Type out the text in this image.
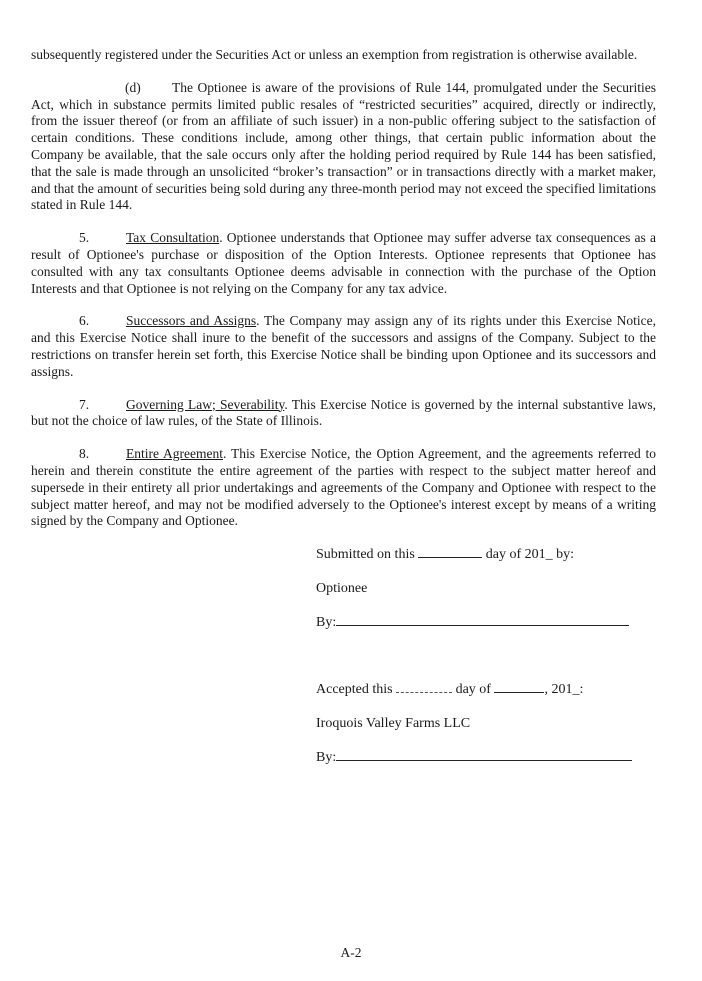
subsequently registered under the Securities Act or unless an exemption from registration is otherwise available.

(d) The Optionee is aware of the provisions of Rule 144, promulgated under the Securities Act, which in substance permits limited public resales of “restricted securities” acquired, directly or indirectly, from the issuer thereof (or from an affiliate of such issuer) in a non-public offering subject to the satisfaction of certain conditions. These conditions include, among other things, that certain public information about the Company be available, that the sale occurs only after the holding period required by Rule 144 has been satisfied, that the sale is made through an unsolicited “broker’s transaction” or in transactions directly with a market maker, and that the amount of securities being sold during any three-month period may not exceed the specified limitations stated in Rule 144.

5.	Tax Consultation. Optionee understands that Optionee may suffer adverse tax consequences as a result of Optionee's purchase or disposition of the Option Interests. Optionee represents that Optionee has consulted with any tax consultants Optionee deems advisable in connection with the purchase of the Option Interests and that Optionee is not relying on the Company for any tax advice.

6.	Successors and Assigns. The Company may assign any of its rights under this Exercise Notice, and this Exercise Notice shall inure to the benefit of the successors and assigns of the Company. Subject to the restrictions on transfer herein set forth, this Exercise Notice shall be binding upon Optionee and its successors and assigns.

7.	Governing Law; Severability. This Exercise Notice is governed by the internal substantive laws, but not the choice of law rules, of the State of Illinois.

8.	Entire Agreement. This Exercise Notice, the Option Agreement, and the agreements referred to herein and therein constitute the entire agreement of the parties with respect to the subject matter hereof and supersede in their entirety all prior undertakings and agreements of the Company and Optionee with respect to the subject matter hereof, and may not be modified adversely to the Optionee's interest except by means of a writing signed by the Company and Optionee.

Submitted on this	day of 201_ by:
Optionee
By:
Accepted this	day of	, 201_:
Iroquois Valley Farms LLC
By:
A-2
